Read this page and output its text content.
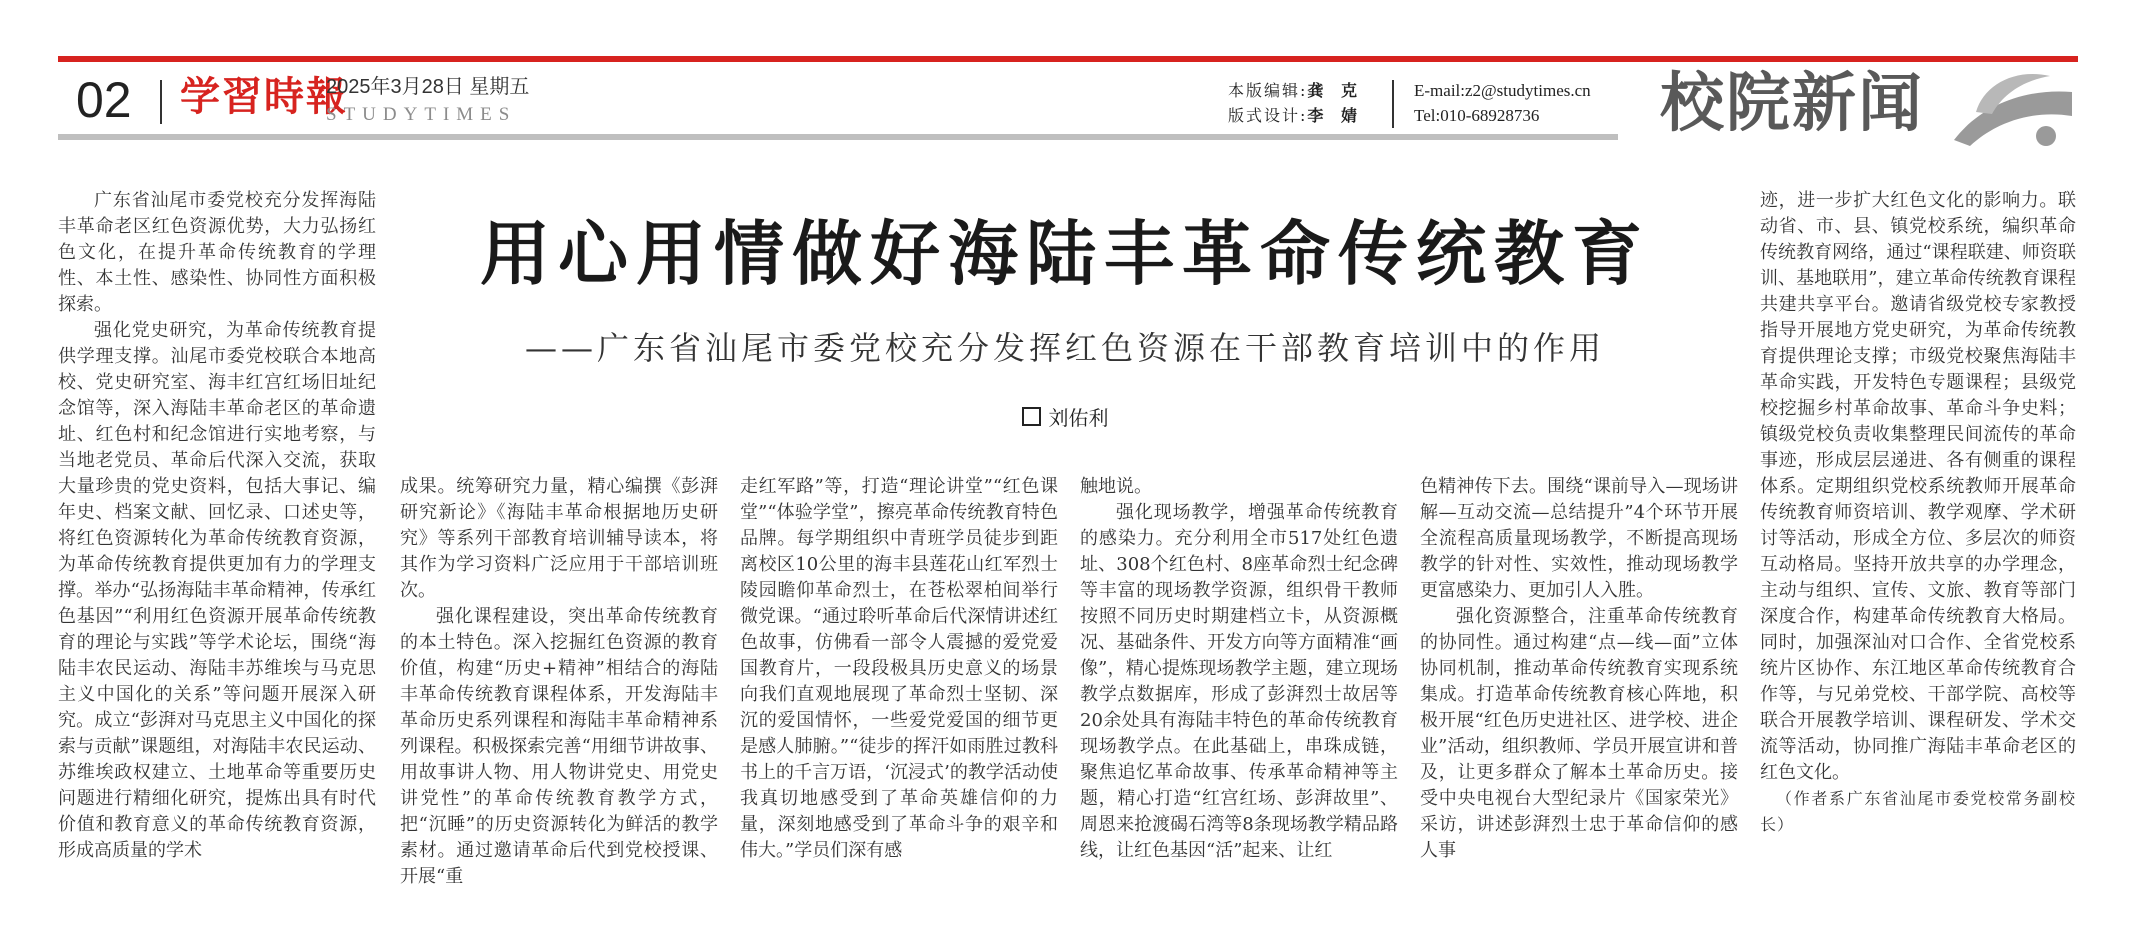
02 学習時報
2025年3月28日 星期五
STUDYTIMES
本版编辑:龚 克
版式设计:李 婧
E-mail:z2@studytimes.cn
Tel:010-68928736	校院新闻
用心用情做好海陆丰革命传统教育
——广东省汕尾市委党校充分发挥红色资源在干部教育培训中的作用
刘佑利

广东省汕尾市委党校充分发挥海陆丰革命老区红色资源优势，大力弘扬红色文化，在提升革命传统教育的学理性、本土性、感染性、协同性方面积极探索。

强化党史研究，为革命传统教育提供学理支撑。汕尾市委党校联合本地高校、党史研究室、海丰红宫红场旧址纪念馆等，深入海陆丰革命老区的革命遗址、红色村和纪念馆进行实地考察，与当地老党员、革命后代深入交流，获取大量珍贵的党史资料，包括大事记、编年史、档案文献、回忆录、口述史等，将红色资源转化为革命传统教育资源，为革命传统教育提供更加有力的学理支撑。举办“弘扬海陆丰革命精神，传承红色基因”“利用红色资源开展革命传统教育的理论与实践”等学术论坛，围绕“海陆丰农民运动、海陆丰苏维埃与马克思主义中国化的关系”等问题开展深入研究。成立“彭湃对马克思主义中国化的探索与贡献”课题组，对海陆丰农民运动、苏维埃政权建立、土地革命等重要历史问题进行精细化研究，提炼出具有时代价值和教育意义的革命传统教育资源，形成高质量的学术

成果。统筹研究力量，精心编撰《彭湃研究新论》《海陆丰革命根据地历史研究》等系列干部教育培训辅导读本，将其作为学习资料广泛应用于干部培训班次。

强化课程建设，突出革命传统教育的本土特色。深入挖掘红色资源的教育价值，构建“历史+精神”相结合的海陆丰革命传统教育课程体系，开发海陆丰革命历史系列课程和海陆丰革命精神系列课程。积极探索完善“用细节讲故事、用故事讲人物、用人物讲党史、用党史讲党性”的革命传统教育教学方式，把“沉睡”的历史资源转化为鲜活的教学素材。通过邀请革命后代到党校授课、开展“重

走红军路”等，打造“理论讲堂”“红色课堂”“体验学堂”，擦亮革命传统教育特色品牌。每学期组织中青班学员徒步到距离校区10公里的海丰县莲花山红军烈士陵园瞻仰革命烈士，在苍松翠柏间举行微党课。“通过聆听革命后代深情讲述红色故事，仿佛看一部令人震撼的爱党爱国教育片，一段段极具历史意义的场景向我们直观地展现了革命烈士坚韧、深沉的爱国情怀，一些爱党爱国的细节更是感人肺腑。”“徒步的挥汗如雨胜过教科书上的千言万语，‘沉浸式’的教学活动使我真切地感受到了革命英雄信仰的力量，深刻地感受到了革命斗争的艰辛和伟大。”学员们深有感

触地说。

强化现场教学，增强革命传统教育的感染力。充分利用全市517处红色遗址、308个红色村、8座革命烈士纪念碑等丰富的现场教学资源，组织骨干教师按照不同历史时期建档立卡，从资源概况、基础条件、开发方向等方面精准“画像”，精心提炼现场教学主题，建立现场教学点数据库，形成了彭湃烈士故居等20余处具有海陆丰特色的革命传统教育现场教学点。在此基础上，串珠成链，聚焦追忆革命故事、传承革命精神等主题，精心打造“红宫红场、彭湃故里”、周恩来抢渡碣石湾等8条现场教学精品路线，让红色基因“活”起来、让红

色精神传下去。围绕“课前导入—现场讲解—互动交流—总结提升”4个环节开展全流程高质量现场教学，不断提高现场教学的针对性、实效性，推动现场教学更富感染力、更加引人入胜。

强化资源整合，注重革命传统教育的协同性。通过构建“点—线—面”立体协同机制，推动革命传统教育实现系统集成。打造革命传统教育核心阵地，积极开展“红色历史进社区、进学校、进企业”活动，组织教师、学员开展宣讲和普及，让更多群众了解本土革命历史。接受中央电视台大型纪录片《国家荣光》采访，讲述彭湃烈士忠于革命信仰的感人事

迹，进一步扩大红色文化的影响力。联动省、市、县、镇党校系统，编织革命传统教育网络，通过“课程联建、师资联训、基地联用”，建立革命传统教育课程共建共享平台。邀请省级党校专家教授指导开展地方党史研究，为革命传统教育提供理论支撑；市级党校聚焦海陆丰革命实践，开发特色专题课程；县级党校挖掘乡村革命故事、革命斗争史料；镇级党校负责收集整理民间流传的革命事迹，形成层层递进、各有侧重的课程体系。定期组织党校系统教师开展革命传统教育师资培训、教学观摩、学术研讨等活动，形成全方位、多层次的师资互动格局。坚持开放共享的办学理念，主动与组织、宣传、文旅、教育等部门深度合作，构建革命传统教育大格局。同时，加强深汕对口合作、全省党校系统片区协作、东江地区革命传统教育合作等，与兄弟党校、干部学院、高校等联合开展教学培训、课程研发、学术交流等活动，协同推广海陆丰革命老区的红色文化。

（作者系广东省汕尾市委党校常务副校长）
